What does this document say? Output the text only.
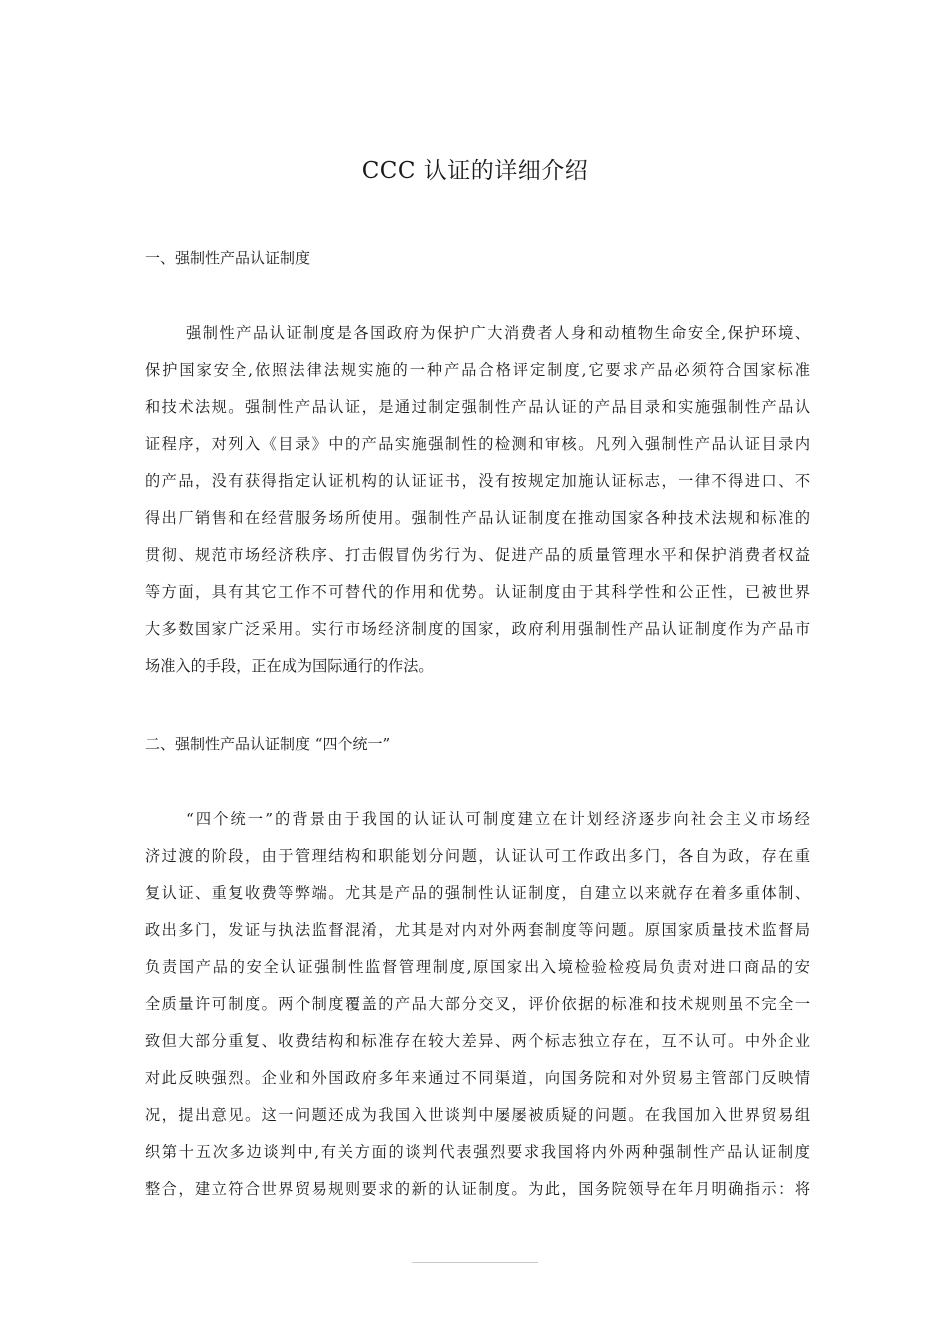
CCC 认证的详细介绍
一、强制性产品认证制度
强制性产品认证制度是各国政府为保护广大消费者人身和动植物生命安全,保护环境、
保护国家安全,依照法律法规实施的一种产品合格评定制度,它要求产品必须符合国家标准
和技术法规。强制性产品认证，是通过制定强制性产品认证的产品目录和实施强制性产品认
证程序，对列入《目录》中的产品实施强制性的检测和审核。凡列入强制性产品认证目录内
的产品，没有获得指定认证机构的认证证书，没有按规定加施认证标志，一律不得进口、不
得出厂销售和在经营服务场所使用。强制性产品认证制度在推动国家各种技术法规和标准的
贯彻、规范市场经济秩序、打击假冒伪劣行为、促进产品的质量管理水平和保护消费者权益
等方面，具有其它工作不可替代的作用和优势。认证制度由于其科学性和公正性，已被世界
大多数国家广泛采用。实行市场经济制度的国家，政府利用强制性产品认证制度作为产品市
场准入的手段，正在成为国际通行的作法。
二、强制性产品认证制度 “四个统一”
“四个统一”的背景由于我国的认证认可制度建立在计划经济逐步向社会主义市场经
济过渡的阶段，由于管理结构和职能划分问题，认证认可工作政出多门，各自为政，存在重
复认证、重复收费等弊端。尤其是产品的强制性认证制度，自建立以来就存在着多重体制、
政出多门，发证与执法监督混淆，尤其是对内对外两套制度等问题。原国家质量技术监督局
负责国产品的安全认证强制性监督管理制度,原国家出入境检验检疫局负责对进口商品的安
全质量许可制度。两个制度覆盖的产品大部分交叉，评价依据的标准和技术规则虽不完全一
致但大部分重复、收费结构和标准存在较大差异、两个标志独立存在，互不认可。中外企业
对此反映强烈。企业和外国政府多年来通过不同渠道，向国务院和对外贸易主管部门反映情
况，提出意见。这一问题还成为我国入世谈判中屡屡被质疑的问题。在我国加入世界贸易组
织第十五次多边谈判中,有关方面的谈判代表强烈要求我国将内外两种强制性产品认证制度
整合，建立符合世界贸易规则要求的新的认证制度。为此，国务院领导在年月明确指示：将
